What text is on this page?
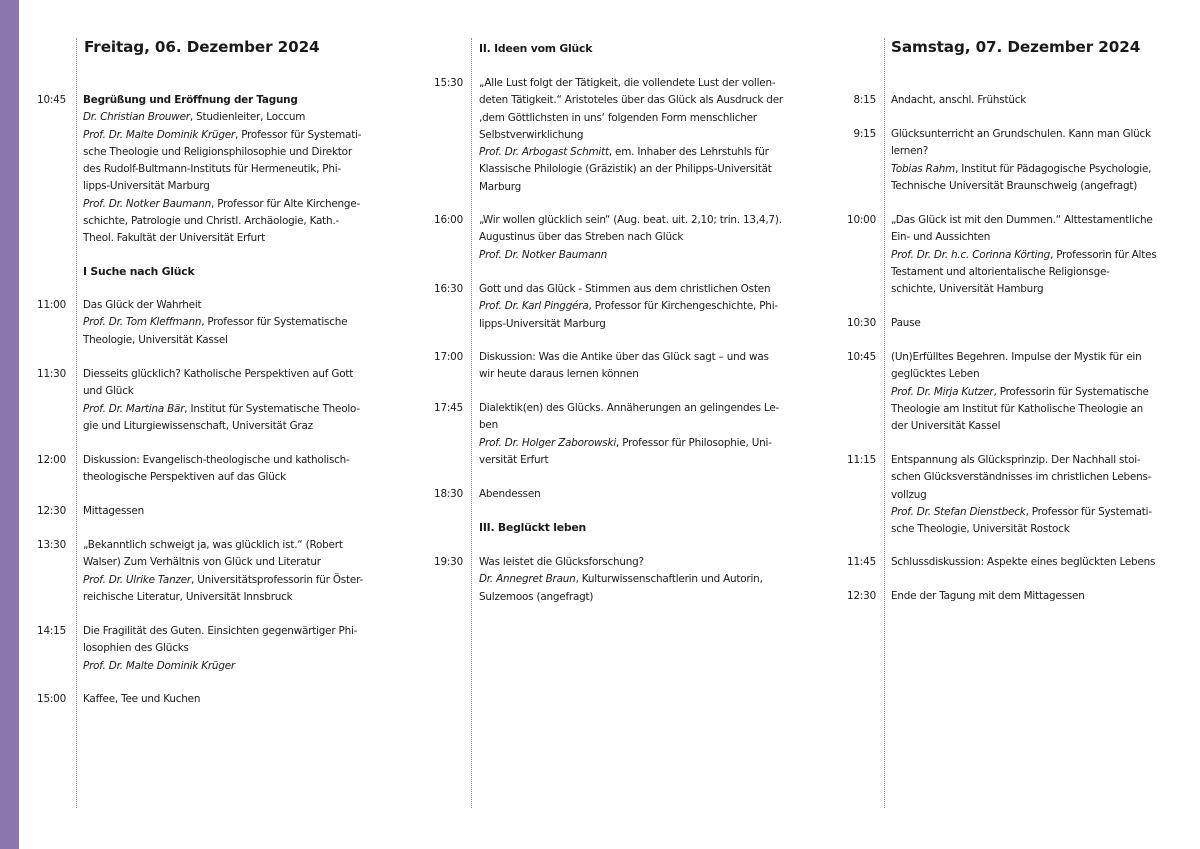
Freitag, 06. Dezember 2024
10:45 Begrüßung und Eröffnung der Tagung
Dr. Christian Brouwer, Studienleiter, Loccum
Prof. Dr. Malte Dominik Krüger, Professor für Systemati-
sche Theologie und Religionsphilosophie und Direktor
des Rudolf-Bultmann-Instituts für Hermeneutik, Phi-
lipps-Universität Marburg
Prof. Dr. Notker Baumann, Professor für Alte Kirchenge-
schichte, Patrologie und Christl. Archäologie, Kath.-
Theol. Fakultät der Universität Erfurt
I Suche nach Glück
11:00 Das Glück der Wahrheit
Prof. Dr. Tom Kleffmann, Professor für Systematische
Theologie, Universität Kassel
11:30 Diesseits glücklich? Katholische Perspektiven auf Gott
und Glück
Prof. Dr. Martina Bär, Institut für Systematische Theolo-
gie und Liturgiewissenschaft, Universität Graz
12:00 Diskussion: Evangelisch-theologische und katholisch-
theologische Perspektiven auf das Glück
12:30 Mittagessen
13:30 „Bekanntlich schweigt ja, was glücklich ist.“ (Robert
Walser) Zum Verhältnis von Glück und Literatur
Prof. Dr. Ulrike Tanzer, Universitätsprofessorin für Öster-
reichische Literatur, Universität Innsbruck
14:15 Die Fragilität des Guten. Einsichten gegenwärtiger Phi-
losophien des Glücks
Prof. Dr. Malte Dominik Krüger
15:00 Kaffee, Tee und Kuchen
II. Ideen vom Glück
15:30 „Alle Lust folgt der Tätigkeit, die vollendete Lust der vollen-
deten Tätigkeit.“ Aristoteles über das Glück als Ausdruck der
‚dem Göttlichsten in uns‘ folgenden Form menschlicher
Selbstverwirklichung
Prof. Dr. Arbogast Schmitt, em. Inhaber des Lehrstuhls für
Klassische Philologie (Gräzistik) an der Philipps-Universität
Marburg
16:00 „Wir wollen glücklich sein“ (Aug. beat. uit. 2,10; trin. 13,4,7).
Augustinus über das Streben nach Glück
Prof. Dr. Notker Baumann
16:30 Gott und das Glück - Stimmen aus dem christlichen Osten
Prof. Dr. Karl Pinggéra, Professor für Kirchengeschichte, Phi-
lipps-Universität Marburg
17:00 Diskussion: Was die Antike über das Glück sagt – und was
wir heute daraus lernen können
17:45 Dialektik(en) des Glücks. Annäherungen an gelingendes Le-
ben
Prof. Dr. Holger Zaborowski, Professor für Philosophie, Uni-
versität Erfurt
18:30 Abendessen
III. Beglückt leben
19:30 Was leistet die Glücksforschung?
Dr. Annegret Braun, Kulturwissenschaftlerin und Autorin,
Sulzemoos (angefragt)
Samstag, 07. Dezember 2024
8:15 Andacht, anschl. Frühstück
9:15 Glücksunterricht an Grundschulen. Kann man Glück
lernen?
Tobias Rahm, Institut für Pädagogische Psychologie,
Technische Universität Braunschweig (angefragt)
10:00 „Das Glück ist mit den Dummen.“ Alttestamentliche
Ein- und Aussichten
Prof. Dr. Dr. h.c. Corinna Körting, Professorin für Altes
Testament und altorientalische Religionsge-
schichte, Universität Hamburg
10:30 Pause
10:45 (Un)Erfülltes Begehren. Impulse der Mystik für ein
geglücktes Leben
Prof. Dr. Mirja Kutzer, Professorin für Systematische
Theologie am Institut für Katholische Theologie an
der Universität Kassel
11:15 Entspannung als Glücksprinzip. Der Nachhall stoi-
schen Glücksverständnisses im christlichen Lebens-
vollzug
Prof. Dr. Stefan Dienstbeck, Professor für Systemati-
sche Theologie, Universität Rostock
11:45 Schlussdiskussion: Aspekte eines beglückten Lebens
12:30 Ende der Tagung mit dem Mittagessen
